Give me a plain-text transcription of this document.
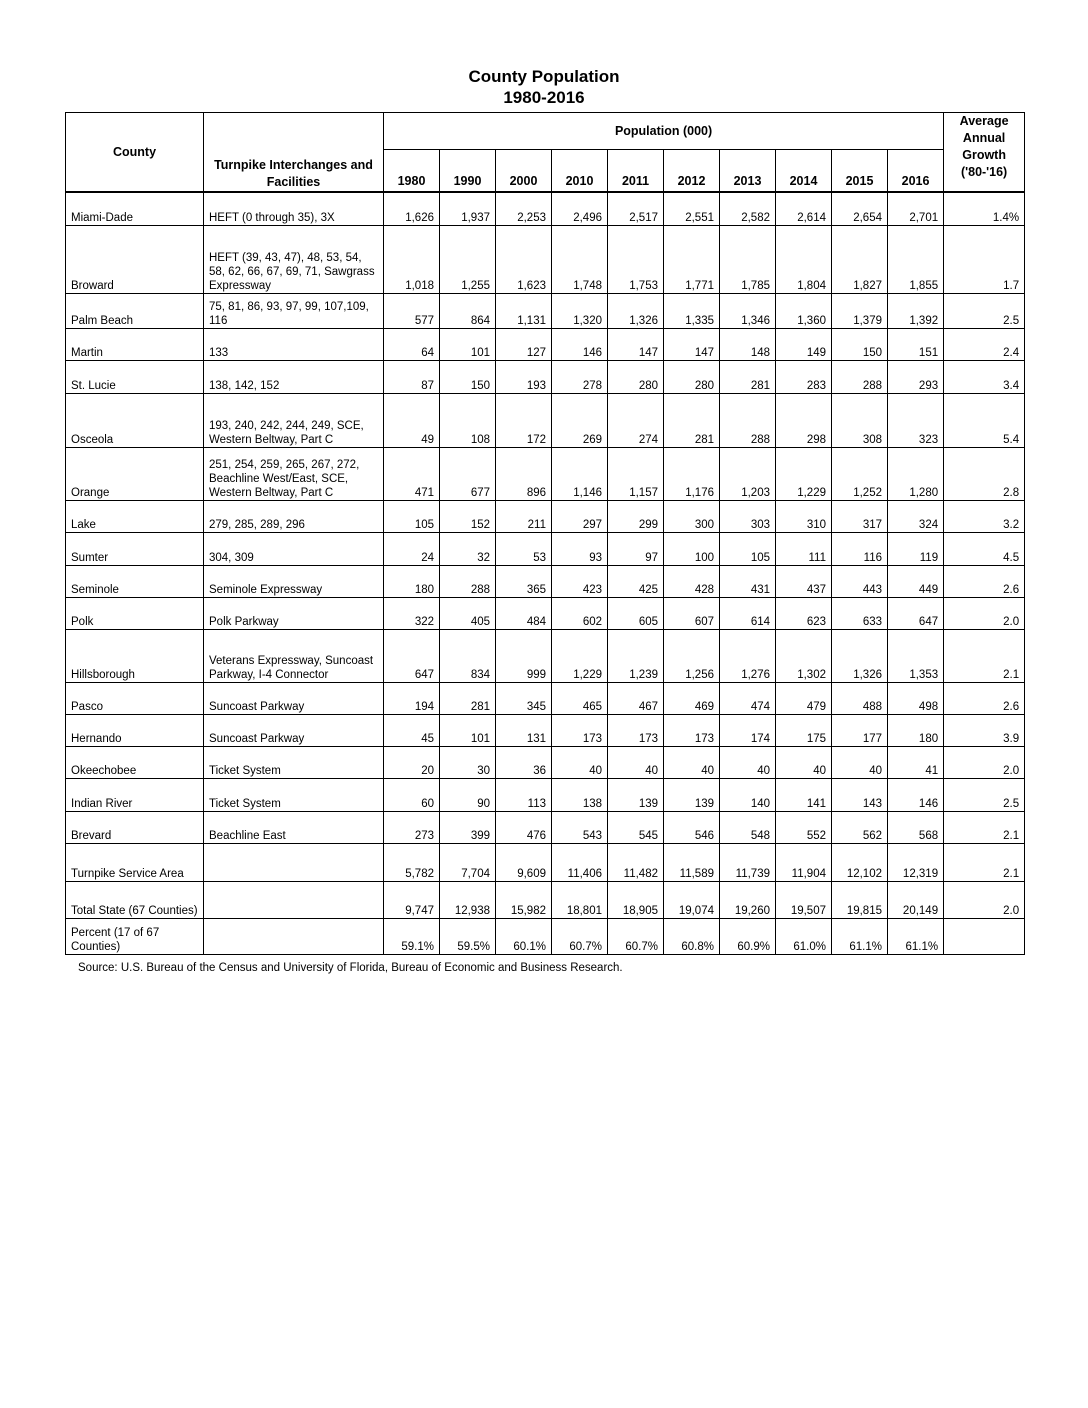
County Population
1980-2016
County	Turnpike Interchanges and Facilities	Population (000)										Average Annual Growth ('80-'16)
		1980	1990	2000	2010	2011	2012	2013	2014	2015	2016	
Miami-Dade	HEFT (0 through 35), 3X	1,626	1,937	2,253	2,496	2,517	2,551	2,582	2,614	2,654	2,701	1.4%
Broward	HEFT (39, 43, 47), 48, 53, 54, 58, 62, 66, 67, 69, 71, Sawgrass Expressway	1,018	1,255	1,623	1,748	1,753	1,771	1,785	1,804	1,827	1,855	1.7
Palm Beach	75, 81, 86, 93, 97, 99, 107,109, 116	577	864	1,131	1,320	1,326	1,335	1,346	1,360	1,379	1,392	2.5
Martin	133	64	101	127	146	147	147	148	149	150	151	2.4
St. Lucie	138, 142, 152	87	150	193	278	280	280	281	283	288	293	3.4
Osceola	193, 240, 242, 244, 249, SCE, Western Beltway, Part C	49	108	172	269	274	281	288	298	308	323	5.4
Orange	251, 254, 259, 265, 267, 272, Beachline West/East, SCE, Western Beltway, Part C	471	677	896	1,146	1,157	1,176	1,203	1,229	1,252	1,280	2.8
Lake	279, 285, 289, 296	105	152	211	297	299	300	303	310	317	324	3.2
Sumter	304, 309	24	32	53	93	97	100	105	111	116	119	4.5
Seminole	Seminole Expressway	180	288	365	423	425	428	431	437	443	449	2.6
Polk	Polk Parkway	322	405	484	602	605	607	614	623	633	647	2.0
Hillsborough	Veterans Expressway, Suncoast Parkway, I-4 Connector	647	834	999	1,229	1,239	1,256	1,276	1,302	1,326	1,353	2.1
Pasco	Suncoast Parkway	194	281	345	465	467	469	474	479	488	498	2.6
Hernando	Suncoast Parkway	45	101	131	173	173	173	174	175	177	180	3.9
Okeechobee	Ticket System	20	30	36	40	40	40	40	40	40	41	2.0
Indian River	Ticket System	60	90	113	138	139	139	140	141	143	146	2.5
Brevard	Beachline East	273	399	476	543	545	546	548	552	562	568	2.1
Turnpike Service Area		5,782	7,704	9,609	11,406	11,482	11,589	11,739	11,904	12,102	12,319	2.1
Total State (67 Counties)		9,747	12,938	15,982	18,801	18,905	19,074	19,260	19,507	19,815	20,149	2.0
Percent (17 of 67 Counties)		59.1%	59.5%	60.1%	60.7%	60.7%	60.8%	60.9%	61.0%	61.1%	61.1%	
Source: U.S. Bureau of the Census and University of Florida, Bureau of Economic and Business Research.
